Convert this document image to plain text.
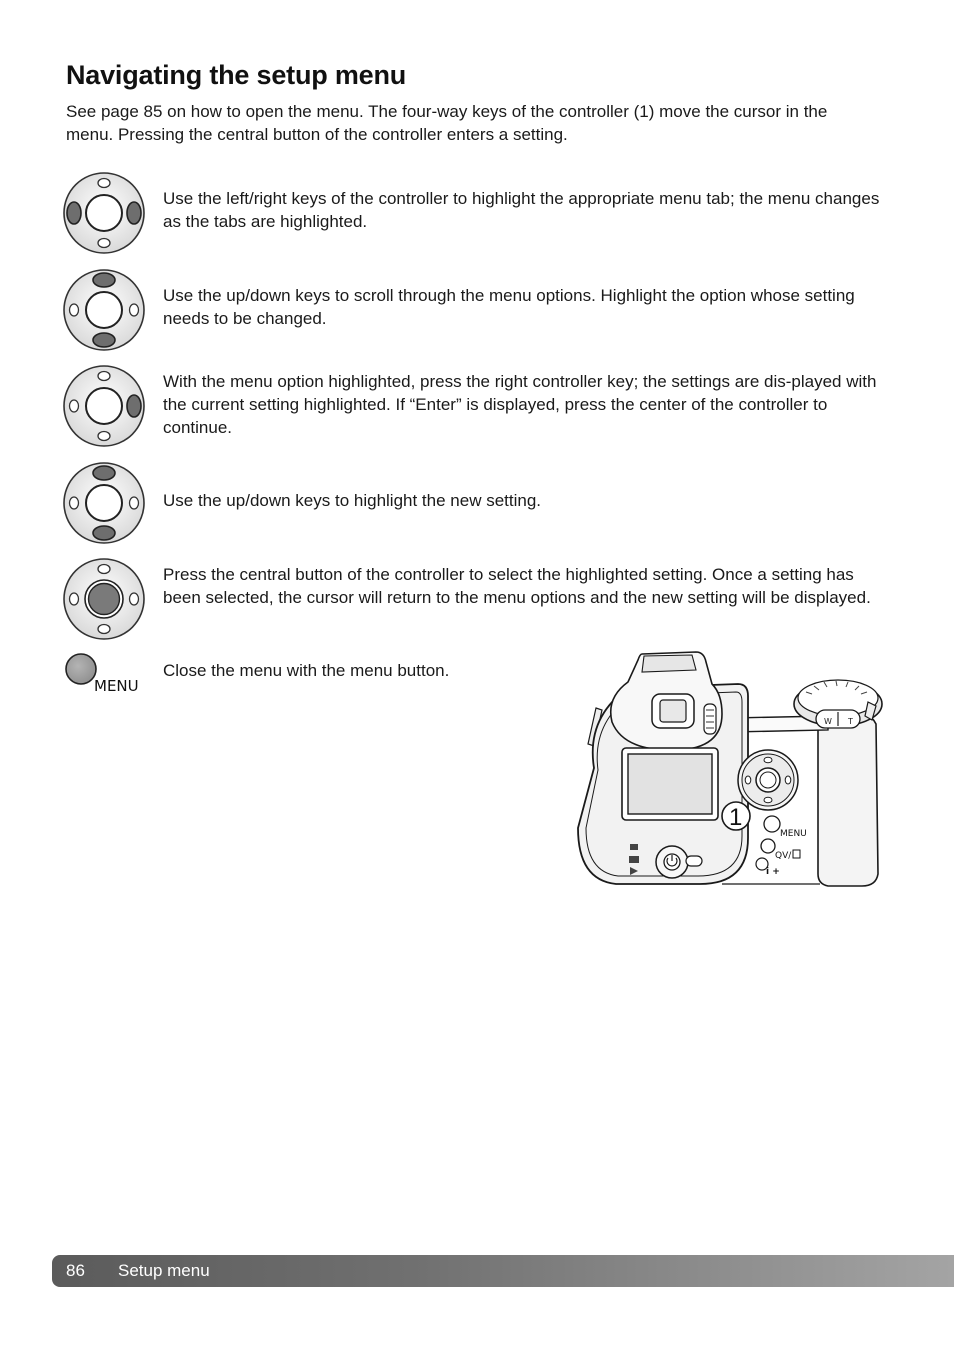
Navigating the setup menu

See page 85 on how to open the menu. The four-way keys of the controller (1) move the cursor in the menu. Pressing the central button of the controller enters a setting.

Use the left/right keys of the controller to highlight the appropriate menu tab; the menu changes as the tabs are highlighted.

Use the up/down keys to scroll through the menu options. Highlight the option whose setting needs to be changed.

With the menu option highlighted, press the right controller key; the settings are dis-played with the current setting highlighted. If “Enter” is displayed, press the center of the controller to continue.

Use the up/down keys to highlight the new setting.

Press the central button of the controller to select the highlighted setting. Once a setting has been selected, the cursor will return to the menu options and the new setting will be displayed.

MENU

Close the menu with the menu button.

W T
1
MENU
QV/
i +
86 Setup menu
